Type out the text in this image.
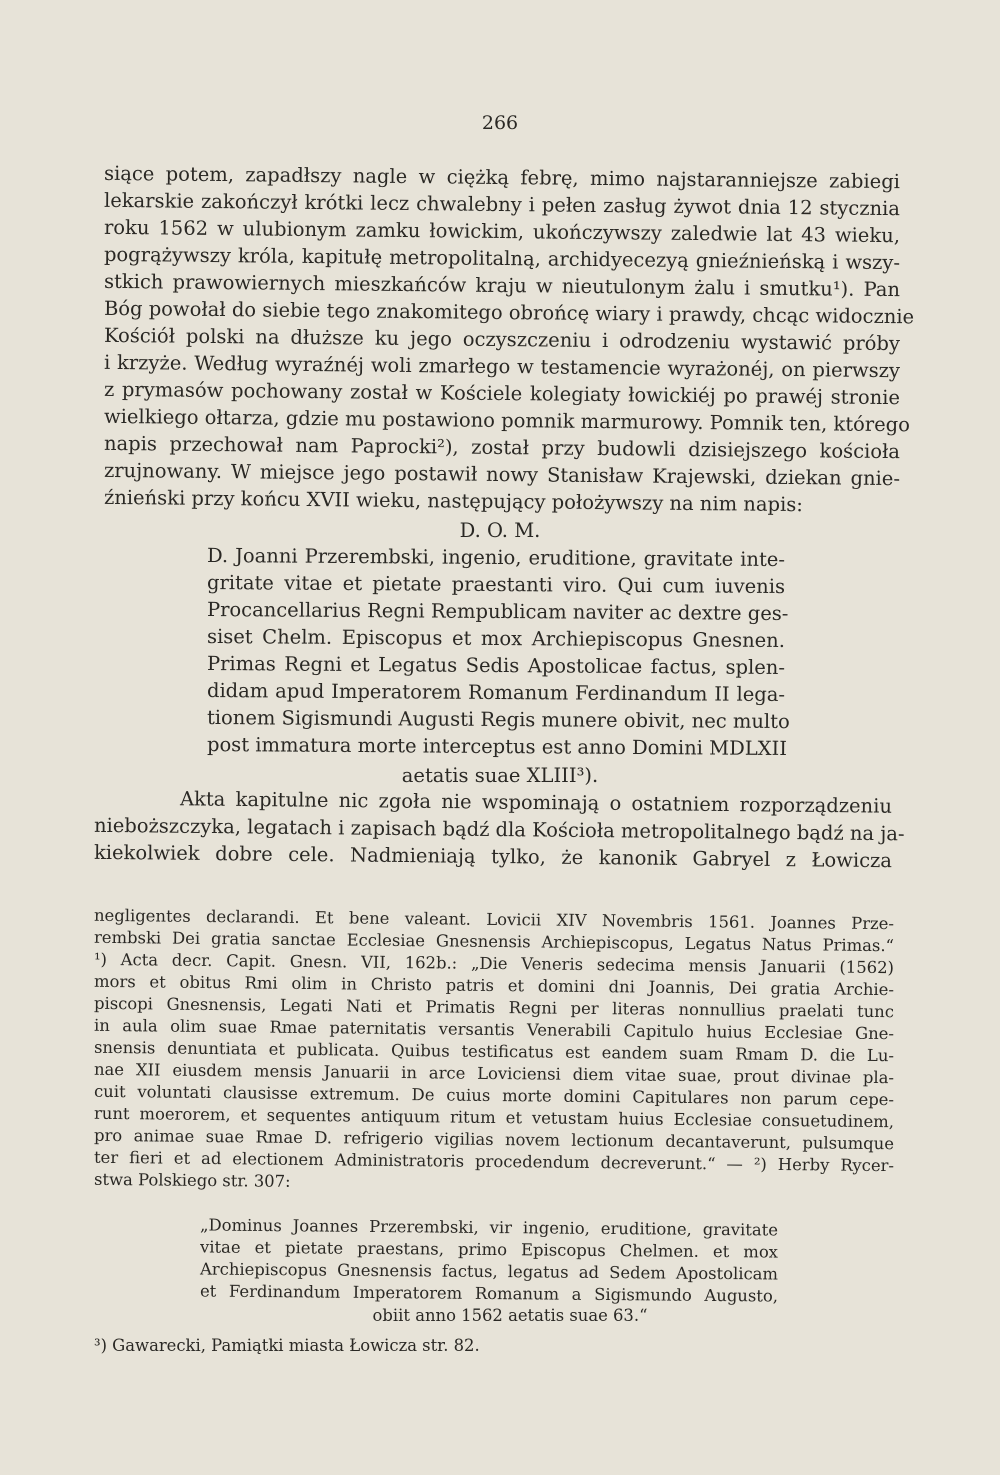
266
siące potem, zapadłszy nagle w ciężką febrę, mimo najstaranniejsze zabiegi
lekarskie zakończył krótki lecz chwalebny i pełen zasług żywot dnia 12 stycznia
roku 1562 w ulubionym zamku łowickim, ukończywszy zaledwie lat 43 wieku,
pogrążywszy króla, kapitułę metropolitalną, archidyecezyą gnieźnieńską i wszy-
stkich prawowiernych mieszkańców kraju w nieutulonym żalu i smutku¹). Pan
Bóg powołał do siebie tego znakomitego obrońcę wiary i prawdy, chcąc widocznie
Kościół polski na dłuższe ku jego oczyszczeniu i odrodzeniu wystawić próby
i krzyże. Według wyraźnéj woli zmarłego w testamencie wyrażonéj, on pierwszy
z prymasów pochowany został w Kościele kolegiaty łowickiéj po prawéj stronie
wielkiego ołtarza, gdzie mu postawiono pomnik marmurowy. Pomnik ten, którego
napis przechował nam Paprocki²), został przy budowli dzisiejszego kościoła
zrujnowany. W miejsce jego postawił nowy Stanisław Krajewski, dziekan gnie-
źnieński przy końcu XVII wieku, następujący położywszy na nim napis:
D. O. M.
D. Joanni Przerembski, ingenio, eruditione, gravitate inte-
gritate vitae et pietate praestanti viro. Qui cum iuvenis
Procancellarius Regni Rempublicam naviter ac dextre ges-
siset Chelm. Episcopus et mox Archiepiscopus Gnesnen.
Primas Regni et Legatus Sedis Apostolicae factus, splen-
didam apud Imperatorem Romanum Ferdinandum II lega-
tionem Sigismundi Augusti Regis munere obivit, nec multo
post immatura morte interceptus est anno Domini MDLXII
aetatis suae XLIII³).
Akta kapitulne nic zgoła nie wspominają o ostatniem rozporządzeniu
nieboższczyka, legatach i zapisach bądź dla Kościoła metropolitalnego bądź na ja-
kiekolwiek dobre cele. Nadmieniają tylko, że kanonik Gabryel z Łowicza
negligentes declarandi. Et bene valeant. Lovicii XIV Novembris 1561. Joannes Prze-
rembski Dei gratia sanctae Ecclesiae Gnesnensis Archiepiscopus, Legatus Natus Primas.“
¹) Acta decr. Capit. Gnesn. VII, 162b.: „Die Veneris sedecima mensis Januarii (1562)
mors et obitus Rmi olim in Christo patris et domini dni Joannis, Dei gratia Archie-
piscopi Gnesnensis, Legati Nati et Primatis Regni per literas nonnullius praelati tunc
in aula olim suae Rmae paternitatis versantis Venerabili Capitulo huius Ecclesiae Gne-
snensis denuntiata et publicata. Quibus testificatus est eandem suam Rmam D. die Lu-
nae XII eiusdem mensis Januarii in arce Loviciensi diem vitae suae, prout divinae pla-
cuit voluntati clausisse extremum. De cuius morte domini Capitulares non parum cepe-
runt moerorem, et sequentes antiquum ritum et vetustam huius Ecclesiae consuetudinem,
pro animae suae Rmae D. refrigerio vigilias novem lectionum decantaverunt, pulsumque
ter fieri et ad electionem Administratoris procedendum decreverunt.“ — ²) Herby Rycer-
stwa Polskiego str. 307:
„Dominus Joannes Przerembski, vir ingenio, eruditione, gravitate
vitae et pietate praestans, primo Episcopus Chelmen. et mox
Archiepiscopus Gnesnensis factus, legatus ad Sedem Apostolicam
et Ferdinandum Imperatorem Romanum a Sigismundo Augusto,
obiit anno 1562 aetatis suae 63.“
³) Gawarecki, Pamiątki miasta Łowicza str. 82.
